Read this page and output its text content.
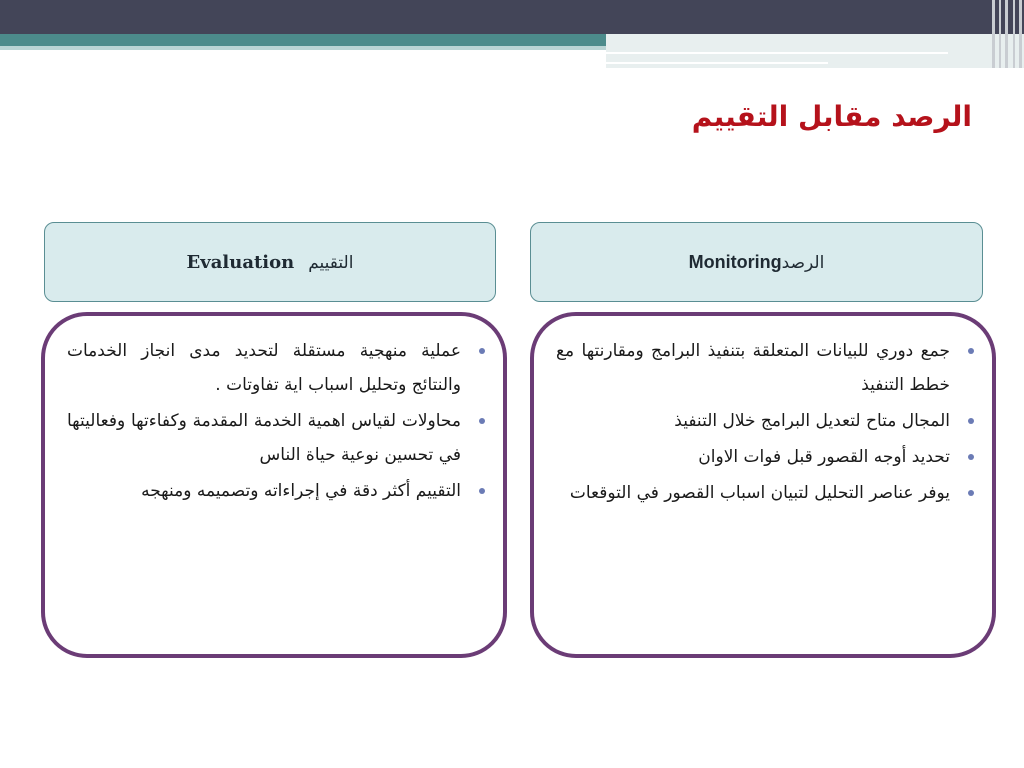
الرصد مقابل التقييم
Evaluation التقييم	Monitoringالرصد
عملية منهجية مستقلة لتحديد مدى انجاز الخدمات والنتائج وتحليل اسباب اية تفاوتات .
محاولات لقياس اهمية الخدمة المقدمة وكفاءتها وفعاليتها في تحسين نوعية حياة الناس
التقييم أكثر دقة في إجراءاته وتصميمه ومنهجه
جمع دوري للبيانات المتعلقة بتنفيذ البرامج ومقارنتها مع خطط التنفيذ
المجال متاح لتعديل البرامج خلال التنفيذ
تحديد أوجه القصور قبل فوات الاوان
يوفر عناصر التحليل لتبيان اسباب القصور في التوقعات
